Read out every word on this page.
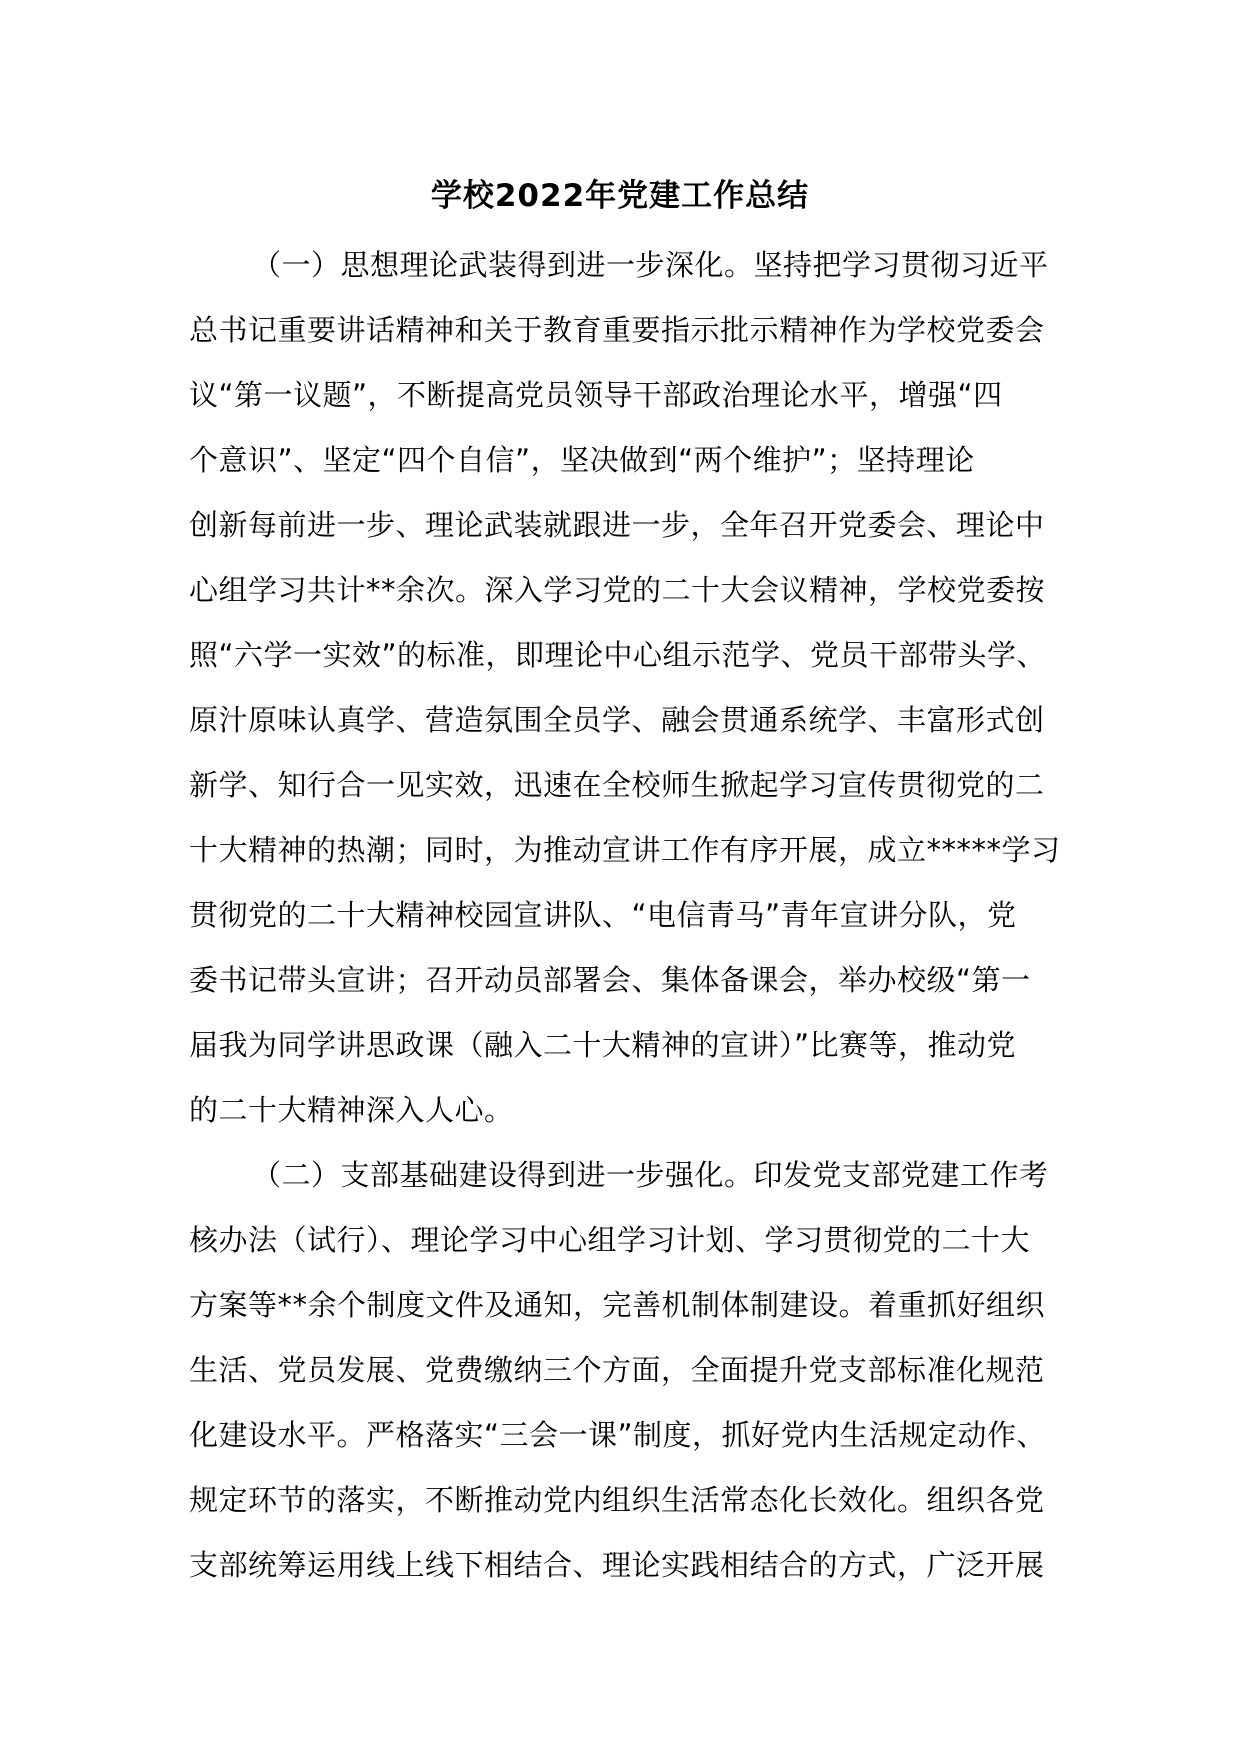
学校2022年党建工作总结
（一）思想理论武装得到进一步深化。坚持把学习贯彻习近平
总书记重要讲话精神和关于教育重要指示批示精神作为学校党委会
议“第一议题”，不断提高党员领导干部政治理论水平，增强“四
个意识”、坚定“四个自信”，坚决做到“两个维护”；坚持理论
创新每前进一步、理论武装就跟进一步，全年召开党委会、理论中
心组学习共计**余次。深入学习党的二十大会议精神，学校党委按
照“六学一实效”的标准，即理论中心组示范学、党员干部带头学、
原汁原味认真学、营造氛围全员学、融会贯通系统学、丰富形式创
新学、知行合一见实效，迅速在全校师生掀起学习宣传贯彻党的二
十大精神的热潮；同时，为推动宣讲工作有序开展，成立*****学习
贯彻党的二十大精神校园宣讲队、“电信青马”青年宣讲分队，党
委书记带头宣讲；召开动员部署会、集体备课会，举办校级“第一
届我为同学讲思政课（融入二十大精神的宣讲）”比赛等，推动党
的二十大精神深入人心。
（二）支部基础建设得到进一步强化。印发党支部党建工作考
核办法（试行）、理论学习中心组学习计划、学习贯彻党的二十大
方案等**余个制度文件及通知，完善机制体制建设。着重抓好组织
生活、党员发展、党费缴纳三个方面，全面提升党支部标准化规范
化建设水平。严格落实“三会一课”制度，抓好党内生活规定动作、
规定环节的落实，不断推动党内组织生活常态化长效化。组织各党
支部统筹运用线上线下相结合、理论实践相结合的方式，广泛开展
